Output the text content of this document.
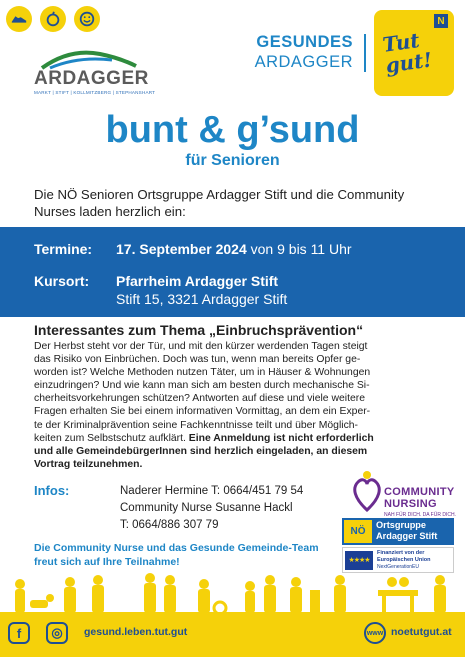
ARDAGGER
MARKT | STIFT | KOLLMITZBERG | STEPHANSHART
GESUNDES
ARDAGGER
N
Tut gut!
bunt & g’sund
für Senioren
Die NÖ Senioren Ortsgruppe Ardagger Stift und die Community Nurses laden herzlich ein:
Termine: 17. September 2024 von 9 bis 11 Uhr
Kursort: Pfarrheim Ardagger Stift
Stift 15, 3321 Ardagger Stift
Interessantes zum Thema „Einbruchsprävention“
Der Herbst steht vor der Tür, und mit den kürzer werdenden Tagen steigt
das Risiko von Einbrüchen. Doch was tun, wenn man bereits Opfer ge-
worden ist? Welche Methoden nutzen Täter, um in Häuser & Wohnungen
einzudringen? Und wie kann man sich am besten durch mechanische Si-
cherheitsvorkehrungen schützen? Antworten auf diese und viele weitere
Fragen erhalten Sie bei einem informativen Vormittag, an dem ein Exper-
te der Kriminalprävention seine Fachkenntnisse teilt und über Möglich-
keiten zum Selbstschutz aufklärt. Eine Anmeldung ist nicht erforderlich
und alle GemeindebürgerInnen sind herzlich eingeladen, an diesem
Vortrag teilzunehmen.
Infos:	Naderer Hermine T: 0664/451 79 54
Community Nurse Susanne Hackl
T: 0664/886 307 79
COMMUNITY
NURSING
NAH FÜR DICH. DA FÜR DICH.
NÖ
Ortsgruppe
Ardagger Stift
★★★★
Finanziert von der
Europäischen Union
NextGenerationEU
Die Community Nurse und das Gesunde Gemeinde-Team freut sich auf Ihre Teilnahme!
f	◎	gesund.leben.tut.gut	www noetutgut.at
